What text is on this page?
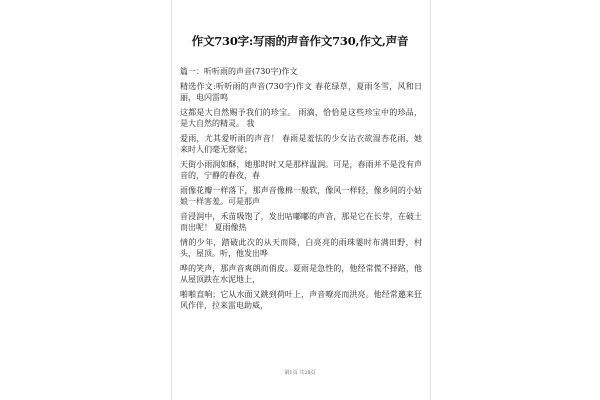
作文730字:写雨的声音作文730,作文,声音

篇一：听听雨的声音(730字)作文

精选作文:听听雨的声音(730字)作文 春花绿草，夏雨冬雪，风和日丽，电闪雷鸣

这都是大自然赐予我们的珍宝。 雨滴，恰恰是这些珍宝中的珍品，是大自然的精灵。 我

爱雨，尤其爱听雨的声音！ 春雨是羞怯的少女沾衣欲湿杏花雨，她来时人们毫无察觉；

天街小雨润如酥，她那时时又是那样温润。可是，春雨并不是没有声音的，宁静的春夜，春

雨像花瓣一样落下，那声音像棉一般软，像风一样轻，像乡间的小姑娘一样害羞。可是那声

音浸润中，禾苗吸饱了，发出咕嘟嘟的声音，那是它在长芽，在破土而出呢！ 夏雨像热

情的少年，踏破此次的从天而降，白亮亮的雨珠霎时布满田野，村头，屋顶。听，他发出哗

哗的笑声，那声音爽朗而俏皮。夏雨是急性的，他经常慌不择路，他从屋顶跌在水泥地上，

啪啪直响；它从水面又跳到荷叶上，声音嘹亮而洪亮。他经常邀来狂风作伴，拉来雷电助威，

第1页 共28页
